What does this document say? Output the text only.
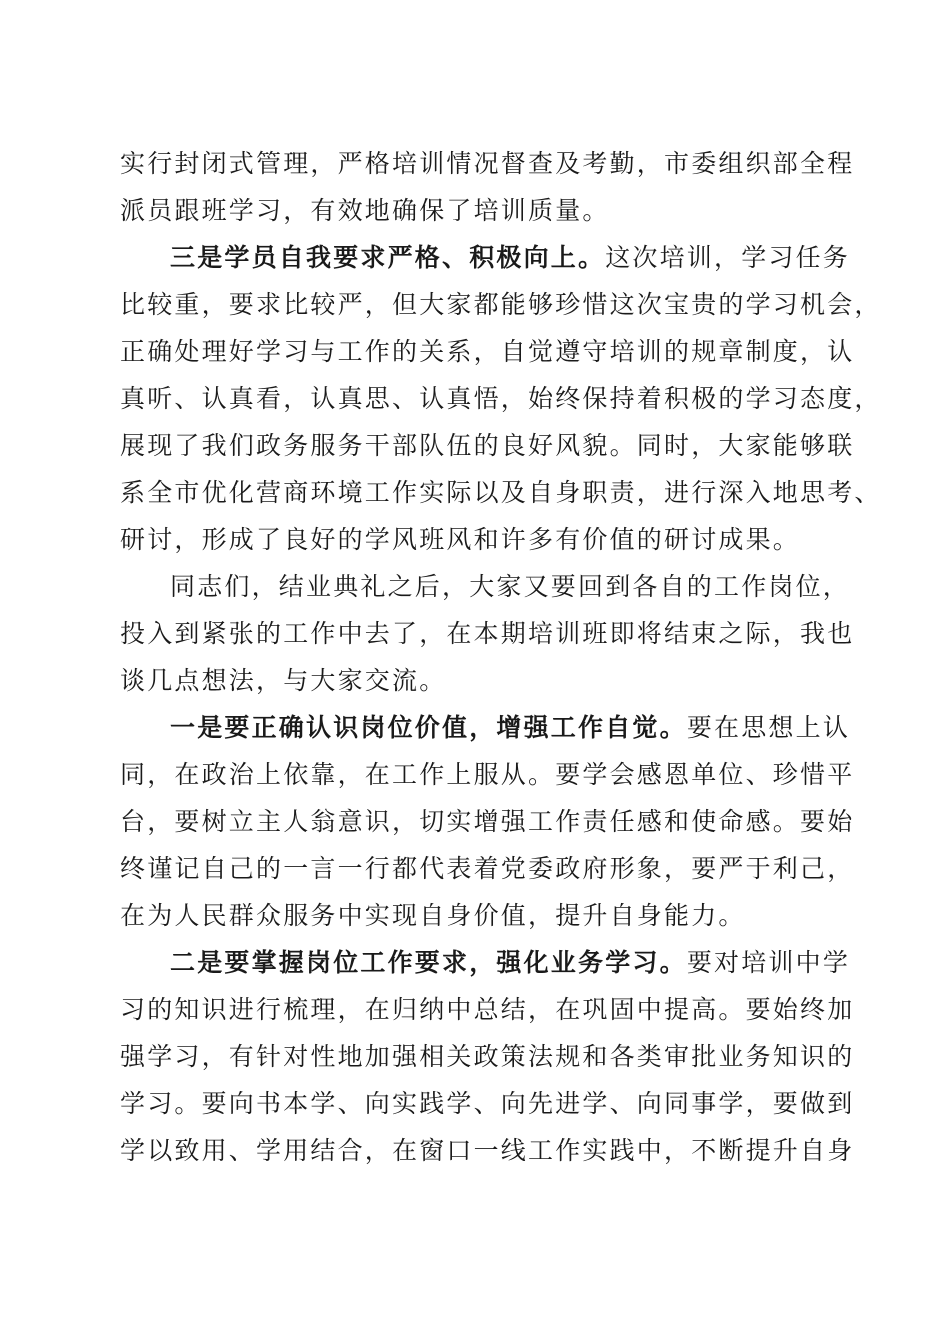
实行封闭式管理，严格培训情况督查及考勤，市委组织部全程
派员跟班学习，有效地确保了培训质量。
三是学员自我要求严格、积极向上。这次培训，学习任务
比较重，要求比较严，但大家都能够珍惜这次宝贵的学习机会，
正确处理好学习与工作的关系，自觉遵守培训的规章制度，认
真听、认真看，认真思、认真悟，始终保持着积极的学习态度，
展现了我们政务服务干部队伍的良好风貌。同时，大家能够联
系全市优化营商环境工作实际以及自身职责，进行深入地思考、
研讨，形成了良好的学风班风和许多有价值的研讨成果。
同志们，结业典礼之后，大家又要回到各自的工作岗位，
投入到紧张的工作中去了，在本期培训班即将结束之际，我也
谈几点想法，与大家交流。
一是要正确认识岗位价值，增强工作自觉。要在思想上认
同，在政治上依靠，在工作上服从。要学会感恩单位、珍惜平
台，要树立主人翁意识，切实增强工作责任感和使命感。要始
终谨记自己的一言一行都代表着党委政府形象，要严于利己，
在为人民群众服务中实现自身价值，提升自身能力。
二是要掌握岗位工作要求，强化业务学习。要对培训中学
习的知识进行梳理，在归纳中总结，在巩固中提高。要始终加
强学习，有针对性地加强相关政策法规和各类审批业务知识的
学习。要向书本学、向实践学、向先进学、向同事学，要做到
学以致用、学用结合，在窗口一线工作实践中，不断提升自身
